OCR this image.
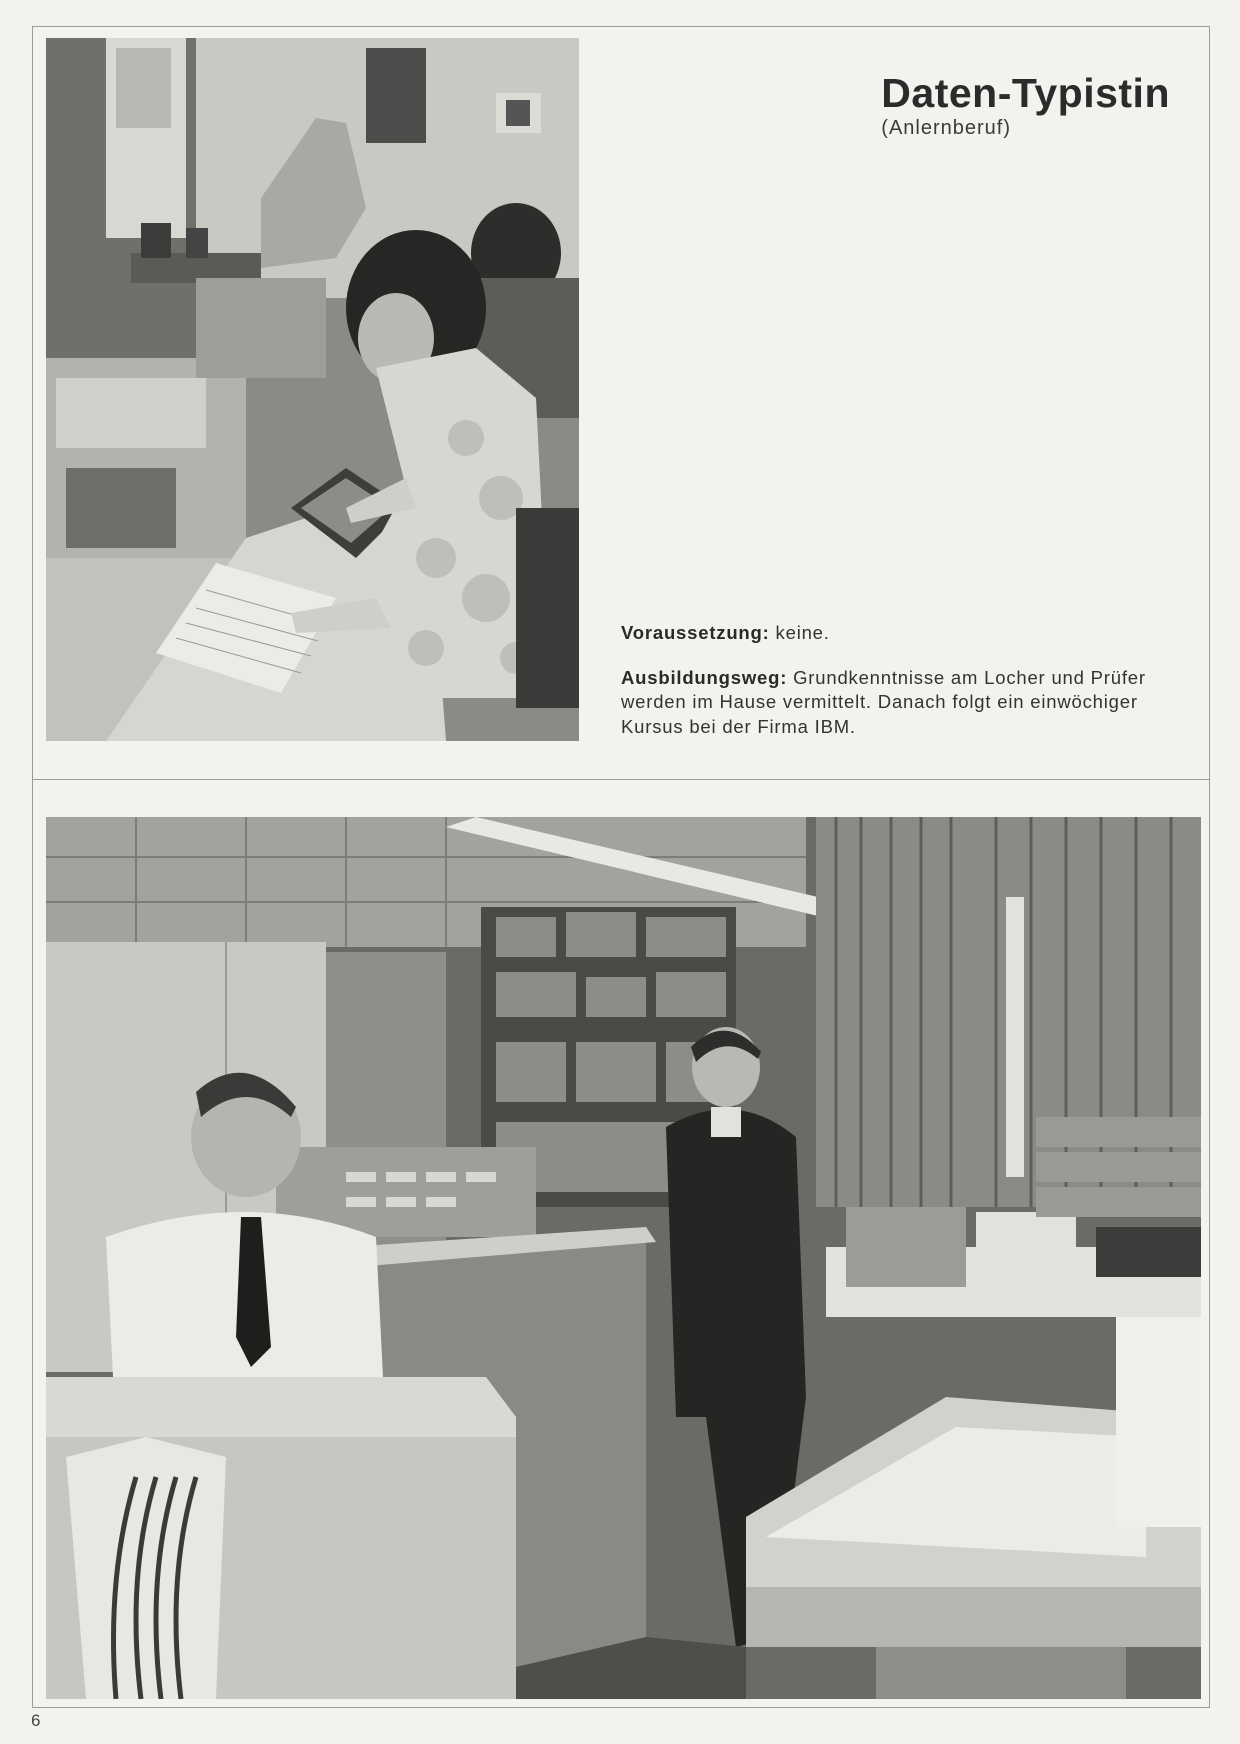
Daten-Typistin
(Anlernberuf)

Voraussetzung: keine.

Ausbildungsweg: Grundkenntnisse am Locher und Prüfer werden im Hause vermittelt. Danach folgt ein einwöchiger Kursus bei der Firma IBM.

6
